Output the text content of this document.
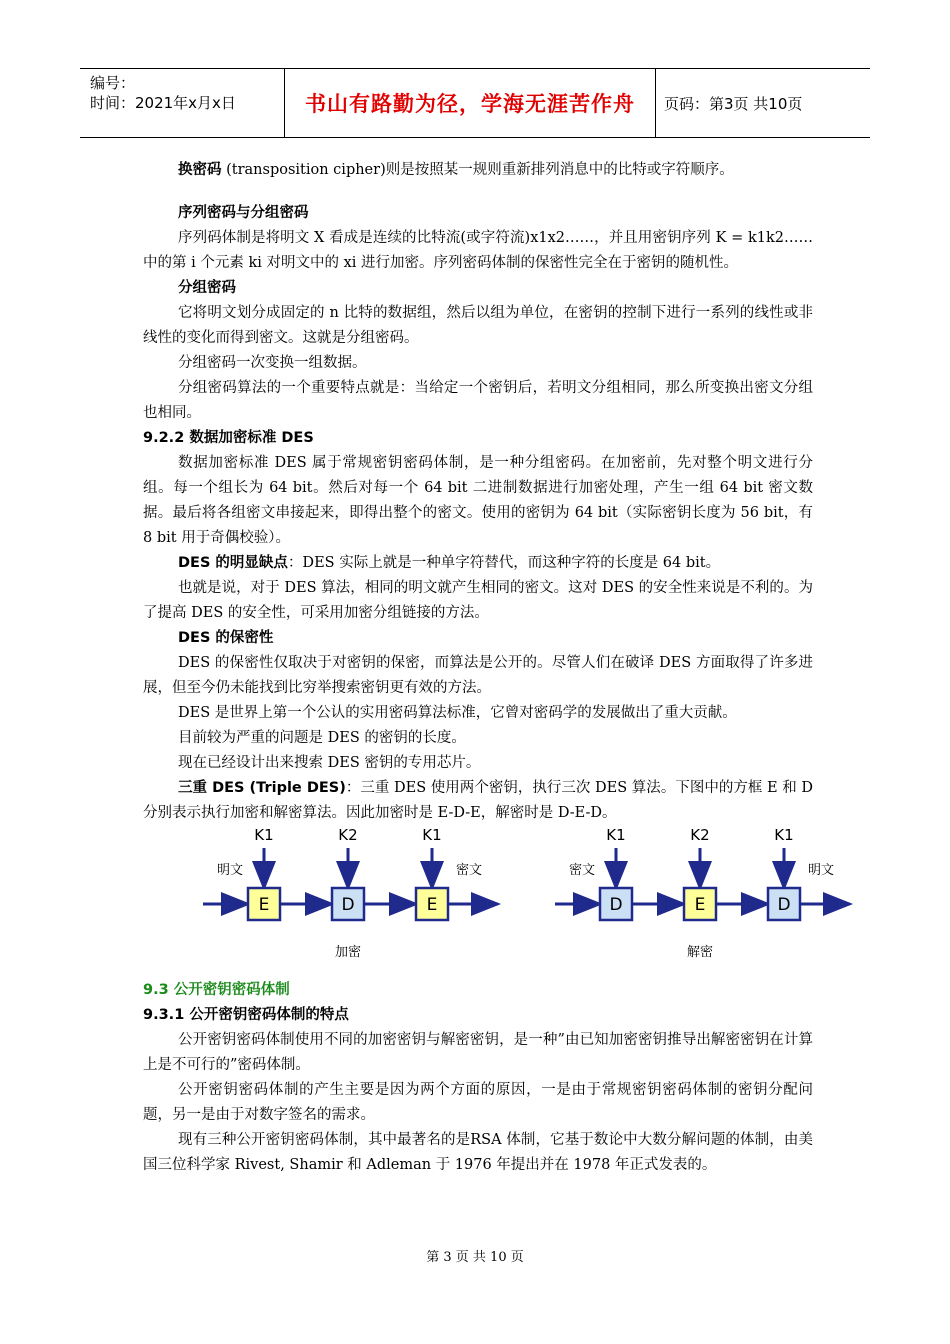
编号：
时间：2021年x月x日	书山有路勤为径，学海无涯苦作舟 页码：第3页 共10页

换密码 (transposition cipher)则是按照某一规则重新排列消息中的比特或字符顺序。

序列密码与分组密码

序列码体制是将明文 X 看成是连续的比特流(或字符流)x1x2……，并且用密钥序列 K = k1k2……中的第 i 个元素 ki 对明文中的 xi 进行加密。序列密码体制的保密性完全在于密钥的随机性。

分组密码

它将明文划分成固定的 n 比特的数据组，然后以组为单位，在密钥的控制下进行一系列的线性或非线性的变化而得到密文。这就是分组密码。

分组密码一次变换一组数据。

分组密码算法的一个重要特点就是：当给定一个密钥后，若明文分组相同，那么所变换出密文分组也相同。

9.2.2 数据加密标准 DES

数据加密标准 DES 属于常规密钥密码体制，是一种分组密码。在加密前，先对整个明文进行分组。每一个组长为 64 bit。然后对每一个 64 bit 二进制数据进行加密处理，产生一组 64 bit 密文数据。最后将各组密文串接起来，即得出整个的密文。使用的密钥为 64 bit（实际密钥长度为 56 bit，有 8 bit 用于奇偶校验）。

DES 的明显缺点：DES 实际上就是一种单字符替代，而这种字符的长度是 64 bit。

也就是说，对于 DES 算法，相同的明文就产生相同的密文。这对 DES 的安全性来说是不利的。为了提高 DES 的安全性，可采用加密分组链接的方法。

DES 的保密性

DES 的保密性仅取决于对密钥的保密，而算法是公开的。尽管人们在破译 DES 方面取得了许多进展，但至今仍未能找到比穷举搜索密钥更有效的方法。

DES 是世界上第一个公认的实用密码算法标准，它曾对密码学的发展做出了重大贡献。

目前较为严重的问题是 DES 的密钥的长度。

现在已经设计出来搜索 DES 密钥的专用芯片。

三重 DES (Triple DES)：三重 DES 使用两个密钥，执行三次 DES 算法。下图中的方框 E 和 D 分别表示执行加密和解密算法。因此加密时是 E-D-E，解密时是 D-E-D。

明文
K1
E
K2
D
K1
E
密文
加密
密文
K1
D
K2
E
K1
D
明文
解密

9.3 公开密钥密码体制

9.3.1 公开密钥密码体制的特点

公开密钥密码体制使用不同的加密密钥与解密密钥，是一种”由已知加密密钥推导出解密密钥在计算上是不可行的”密码体制。

公开密钥密码体制的产生主要是因为两个方面的原因，一是由于常规密钥密码体制的密钥分配问题，另一是由于对数字签名的需求。

现有三种公开密钥密码体制，其中最著名的是RSA 体制，它基于数论中大数分解问题的体制，由美国三位科学家 Rivest, Shamir 和 Adleman 于 1976 年提出并在 1978 年正式发表的。

第 3 页 共 10 页
